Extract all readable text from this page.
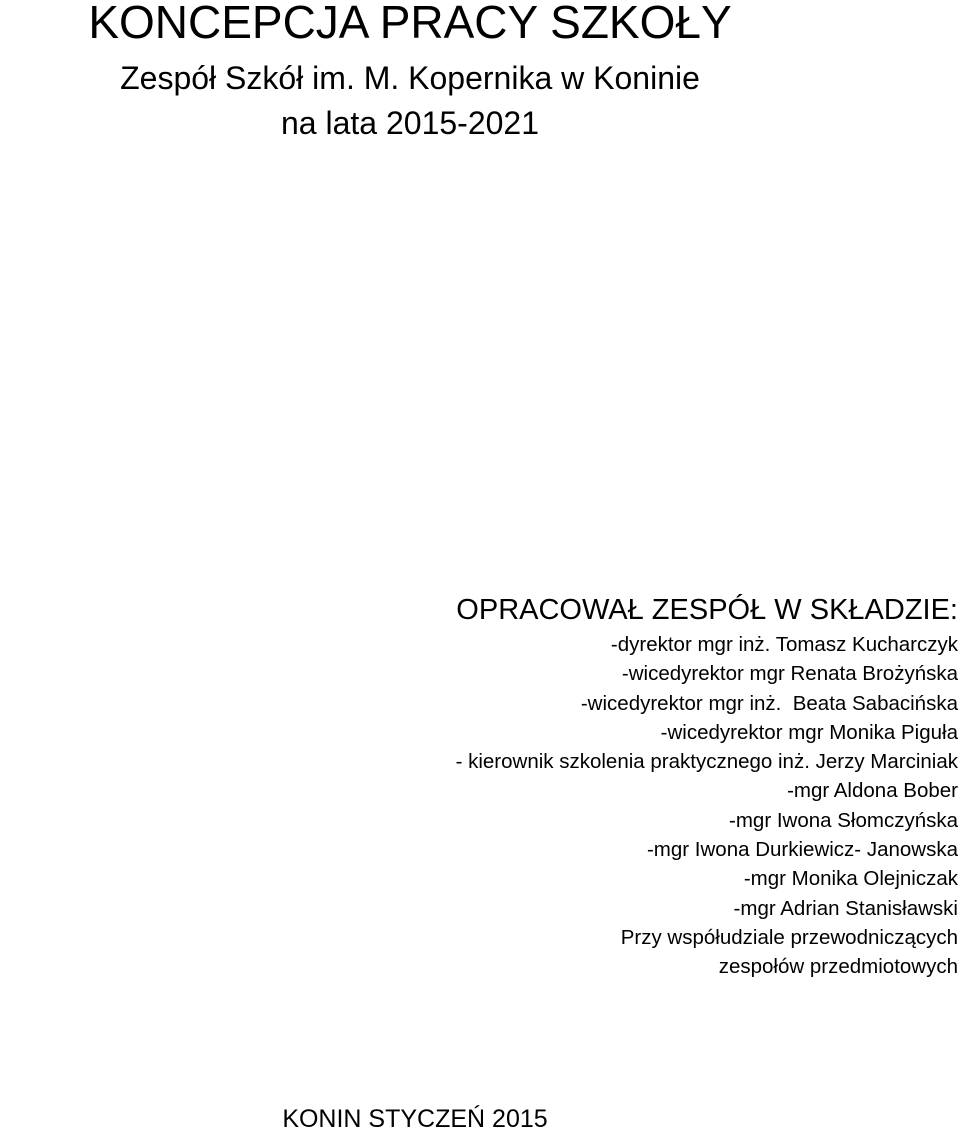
KONCEPCJA PRACY SZKOŁY
Zespół Szkół im. M. Kopernika w Koninie
na lata 2015-2021
OPRACOWAŁ ZESPÓŁ W SKŁADZIE:
-dyrektor mgr inż. Tomasz Kucharczyk
-wicedyrektor mgr Renata Brożyńska
-wicedyrektor mgr inż.  Beata Sabacińska
-wicedyrektor mgr Monika Piguła
- kierownik szkolenia praktycznego inż. Jerzy Marciniak
-mgr Aldona Bober
-mgr Iwona Słomczyńska
-mgr Iwona Durkiewicz- Janowska
-mgr Monika Olejniczak
-mgr Adrian Stanisławski
Przy współudziale przewodniczących
zespołów przedmiotowych
KONIN STYCZEŃ 2015
